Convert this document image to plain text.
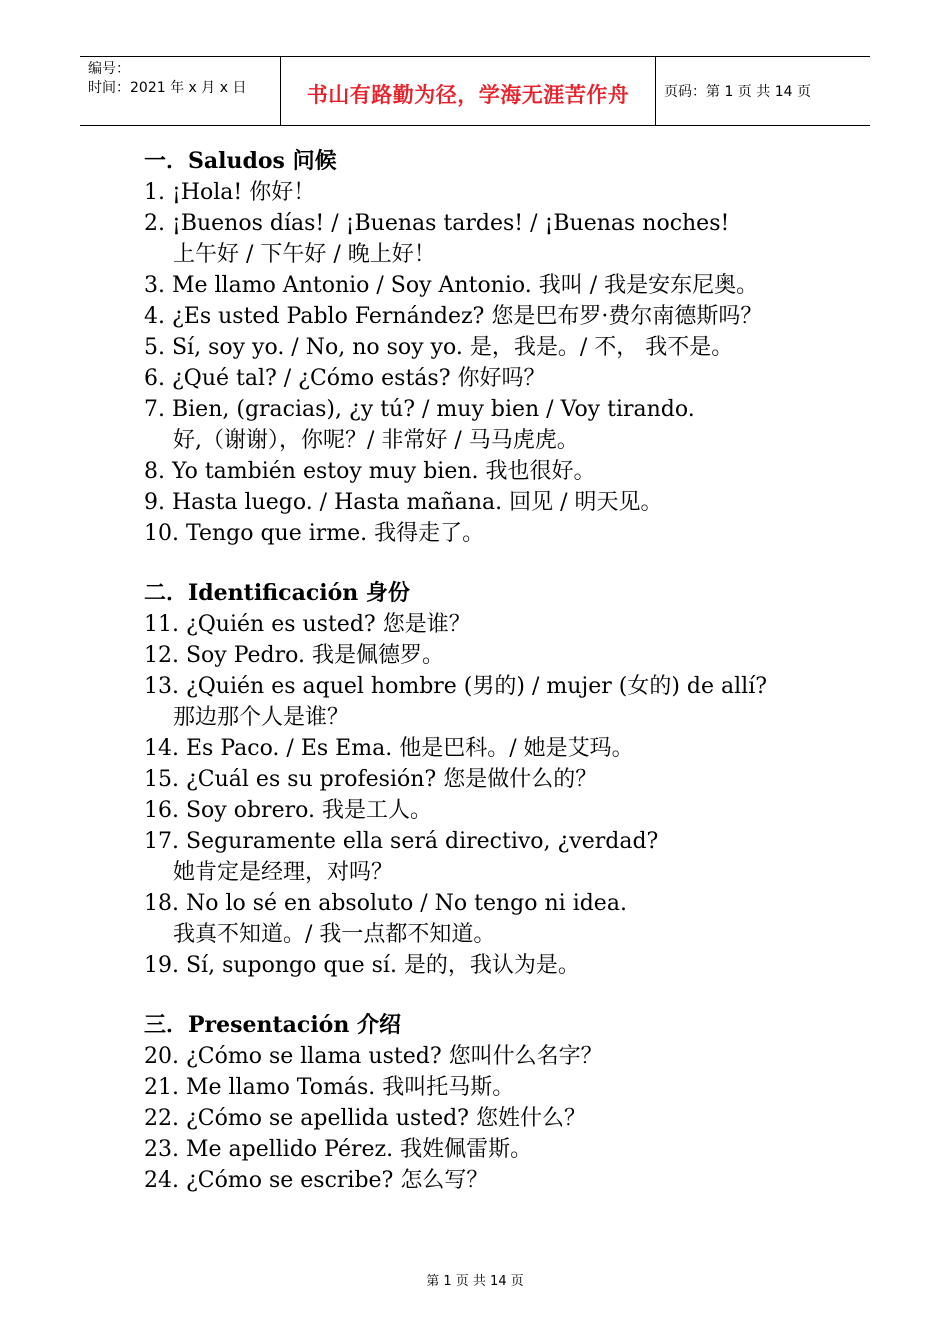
编号：
时间：2021 年 x 月 x 日	书山有路勤为径，学海无涯苦作舟	页码：第 1 页 共 14 页
一．Saludos 问候
1. ¡Hola! 你好！
2. ¡Buenos días! / ¡Buenas tardes! / ¡Buenas noches!
上午好 / 下午好 / 晚上好！
3. Me llamo Antonio / Soy Antonio. 我叫 / 我是安东尼奥。
4. ¿Es usted Pablo Fernández? 您是巴布罗·费尔南德斯吗？
5. Sí, soy yo. / No, no soy yo. 是，我是。/ 不， 我不是。
6. ¿Qué tal? / ¿Cómo estás? 你好吗？
7. Bien, (gracias), ¿y tú? / muy bien / Voy tirando.
好,（谢谢），你呢？/ 非常好 / 马马虎虎。
8. Yo también estoy muy bien. 我也很好。
9. Hasta luego. / Hasta mañana. 回见 / 明天见。
10. Tengo que irme. 我得走了。
二．Identificación 身份
11. ¿Quién es usted? 您是谁？
12. Soy Pedro. 我是佩德罗。
13. ¿Quién es aquel hombre (男的) / mujer (女的) de allí?
那边那个人是谁？
14. Es Paco. / Es Ema. 他是巴科。/ 她是艾玛。
15. ¿Cuál es su profesión? 您是做什么的？
16. Soy obrero. 我是工人。
17. Seguramente ella será directivo, ¿verdad?
她肯定是经理，对吗？
18. No lo sé en absoluto / No tengo ni idea.
我真不知道。/ 我一点都不知道。
19. Sí, supongo que sí. 是的，我认为是。
三．Presentación 介绍
20. ¿Cómo se llama usted? 您叫什么名字？
21. Me llamo Tomás. 我叫托马斯。
22. ¿Cómo se apellida usted? 您姓什么？
23. Me apellido Pérez. 我姓佩雷斯。
24. ¿Cómo se escribe? 怎么写？
第 1 页 共 14 页
